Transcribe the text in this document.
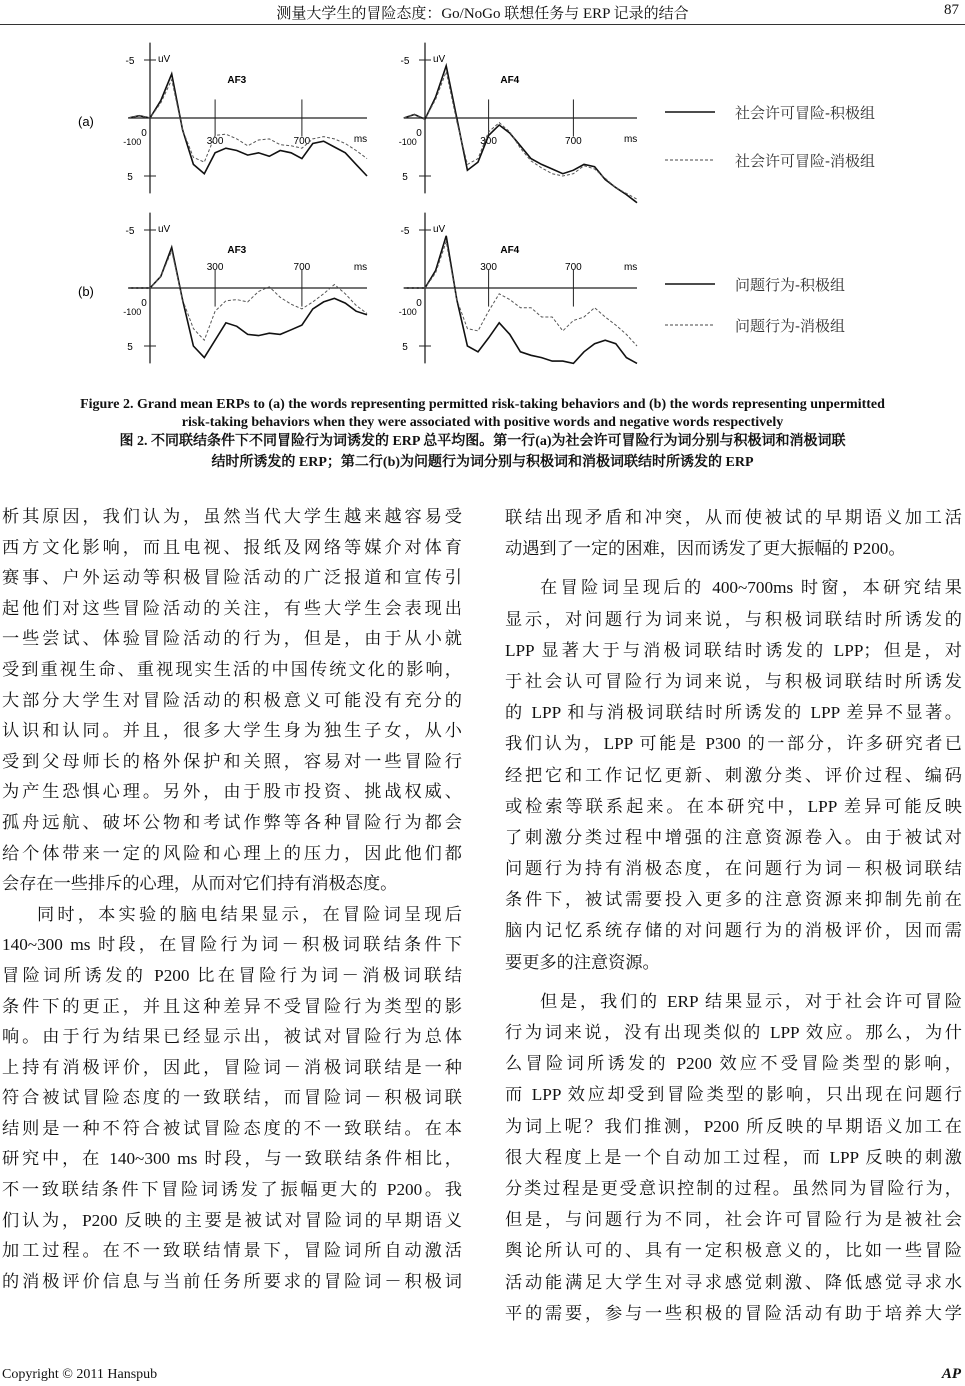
测量大学生的冒险态度：Go/NoGo 联想任务与 ERP 记录的结合	87
-5
5
uV
AF3
300	700
-100
0
ms
-5
5
uV
AF4
300	700
-100
0
ms
-5
5
uV
AF3
300	700
-100
0
ms
-5
5
uV
AF4
300	700
-100
0
ms
(a)
(b)
社会许可冒险-积极组
社会许可冒险-消极组
问题行为-积极组
问题行为-消极组
Figure 2. Grand mean ERPs to (a) the words representing permitted risk-taking behaviors and (b) the words representing unpermitted
risk-taking behaviors when they were associated with positive words and negative words respectively
图 2. 不同联结条件下不同冒险行为词诱发的 ERP 总平均图。第一行(a)为社会许可冒险行为词分别与积极词和消极词联
结时所诱发的 ERP；第二行(b)为问题行为词分别与积极词和消极词联结时所诱发的 ERP
析其原因，我们认为，虽然当代大学生越来越容易受
西方文化影响，而且电视、报纸及网络等媒介对体育
赛事、户外运动等积极冒险活动的广泛报道和宣传引
起他们对这些冒险活动的关注，有些大学生会表现出
一些尝试、体验冒险活动的行为，但是，由于从小就
受到重视生命、重视现实生活的中国传统文化的影响，
大部分大学生对冒险活动的积极意义可能没有充分的
认识和认同。并且，很多大学生身为独生子女，从小
受到父母师长的格外保护和关照，容易对一些冒险行
为产生恐惧心理。另外，由于股市投资、挑战权威、
孤舟远航、破坏公物和考试作弊等各种冒险行为都会
给个体带来一定的风险和心理上的压力，因此他们都
会存在一些排斥的心理，从而对它们持有消极态度。
同时，本实验的脑电结果显示，在冒险词呈现后
140~300 ms 时段，在冒险行为词－积极词联结条件下
冒险词所诱发的 P200 比在冒险行为词－消极词联结
条件下的更正，并且这种差异不受冒险行为类型的影
响。由于行为结果已经显示出，被试对冒险行为总体
上持有消极评价，因此，冒险词－消极词联结是一种
符合被试冒险态度的一致联结，而冒险词－积极词联
结则是一种不符合被试冒险态度的不一致联结。在本
研究中，在 140~300 ms 时段，与一致联结条件相比，
不一致联结条件下冒险词诱发了振幅更大的 P200。我
们认为，P200 反映的主要是被试对冒险词的早期语义
加工过程。在不一致联结情景下，冒险词所自动激活
的消极评价信息与当前任务所要求的冒险词－积极词
联结出现矛盾和冲突，从而使被试的早期语义加工活
动遇到了一定的困难，因而诱发了更大振幅的 P200。
在冒险词呈现后的 400~700ms 时窗，本研究结果
显示，对问题行为词来说，与积极词联结时所诱发的
LPP 显著大于与消极词联结时诱发的 LPP；但是，对
于社会认可冒险行为词来说，与积极词联结时所诱发
的 LPP 和与消极词联结时所诱发的 LPP 差异不显著。
我们认为，LPP 可能是 P300 的一部分，许多研究者已
经把它和工作记忆更新、刺激分类、评价过程、编码
或检索等联系起来。在本研究中，LPP 差异可能反映
了刺激分类过程中增强的注意资源卷入。由于被试对
问题行为持有消极态度，在问题行为词－积极词联结
条件下，被试需要投入更多的注意资源来抑制先前在
脑内记忆系统存储的对问题行为的消极评价，因而需
要更多的注意资源。
但是，我们的 ERP 结果显示，对于社会许可冒险
行为词来说，没有出现类似的 LPP 效应。那么，为什
么冒险词所诱发的 P200 效应不受冒险类型的影响，
而 LPP 效应却受到冒险类型的影响，只出现在问题行
为词上呢？我们推测，P200 所反映的早期语义加工在
很大程度上是一个自动加工过程，而 LPP 反映的刺激
分类过程是更受意识控制的过程。虽然同为冒险行为，
但是，与问题行为不同，社会许可冒险行为是被社会
舆论所认可的、具有一定积极意义的，比如一些冒险
活动能满足大学生对寻求感觉刺激、降低感觉寻求水
平的需要，参与一些积极的冒险活动有助于培养大学
Copyright © 2011 Hanspub	AP
